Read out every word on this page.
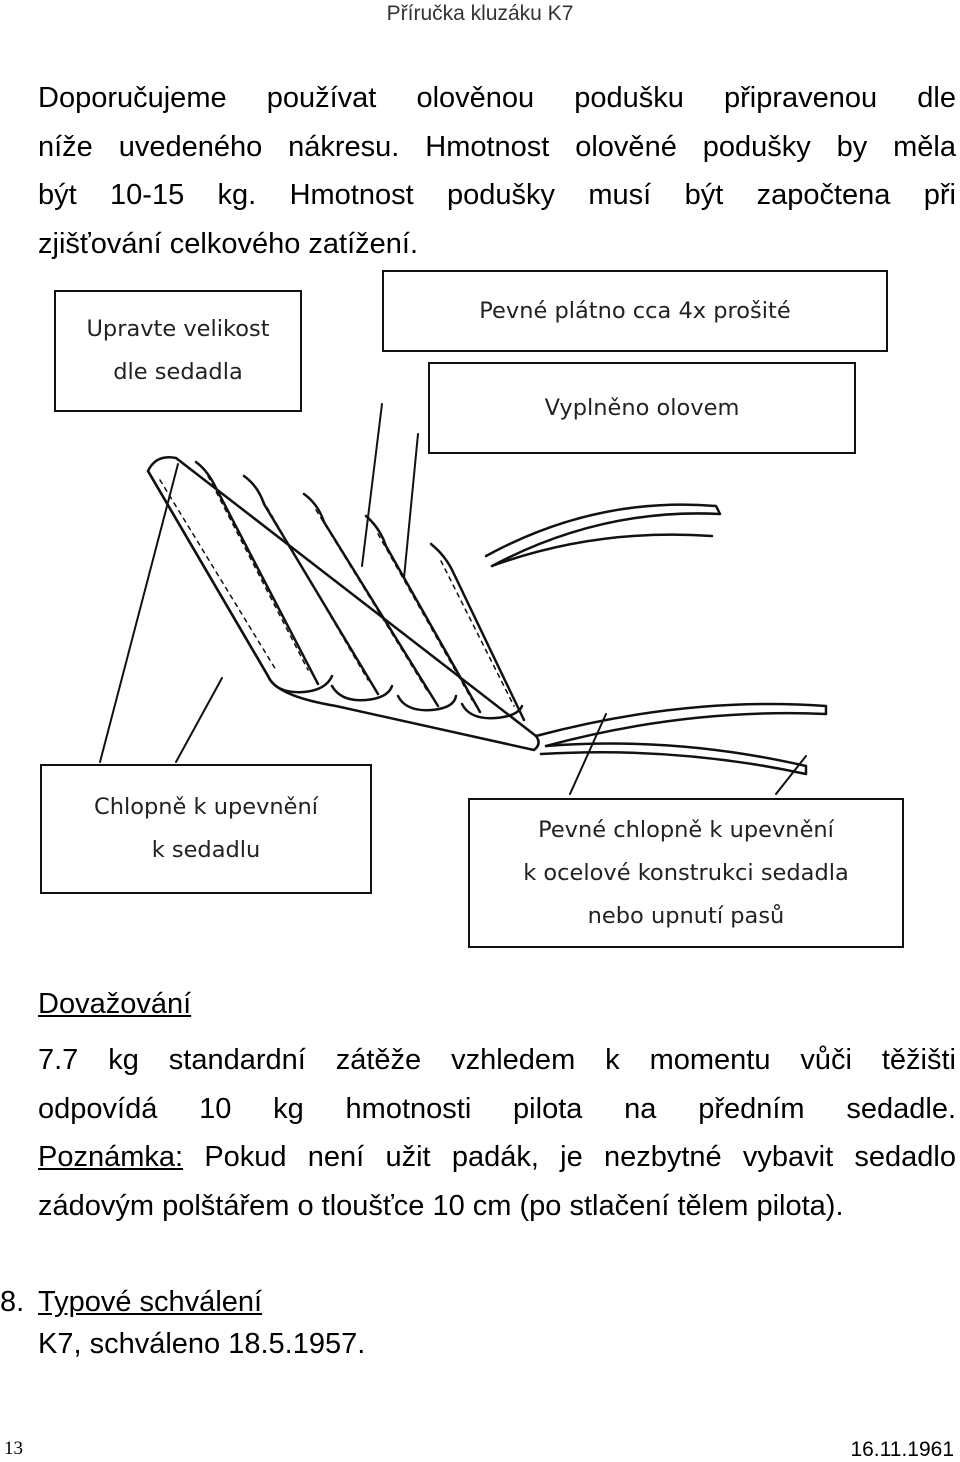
Příručka kluzáku K7
Doporučujeme používat olověnou podušku připravenou dle
níže uvedeného nákresu. Hmotnost olověné podušky by měla
být 10-15 kg. Hmotnost podušky musí být započtena při
zjišťování celkového zatížení.
Upravte velikost
dle sedadla
Pevné plátno cca 4x prošité
Vyplněno olovem
Chlopně k upevnění
k sedadlu
Pevné chlopně k upevnění
k ocelové konstrukci sedadla
nebo upnutí pasů
Dovažování
7.7 kg standardní zátěže vzhledem k momentu vůči těžišti
odpovídá 10 kg hmotnosti pilota na předním sedadle.
Poznámka: Pokud není užit padák, je nezbytné vybavit sedadlo
zádovým polštářem o tloušťce 10 cm (po stlačení tělem pilota).
8. Typové schválení
K7, schváleno 18.5.1957.
13	16.11.1961
